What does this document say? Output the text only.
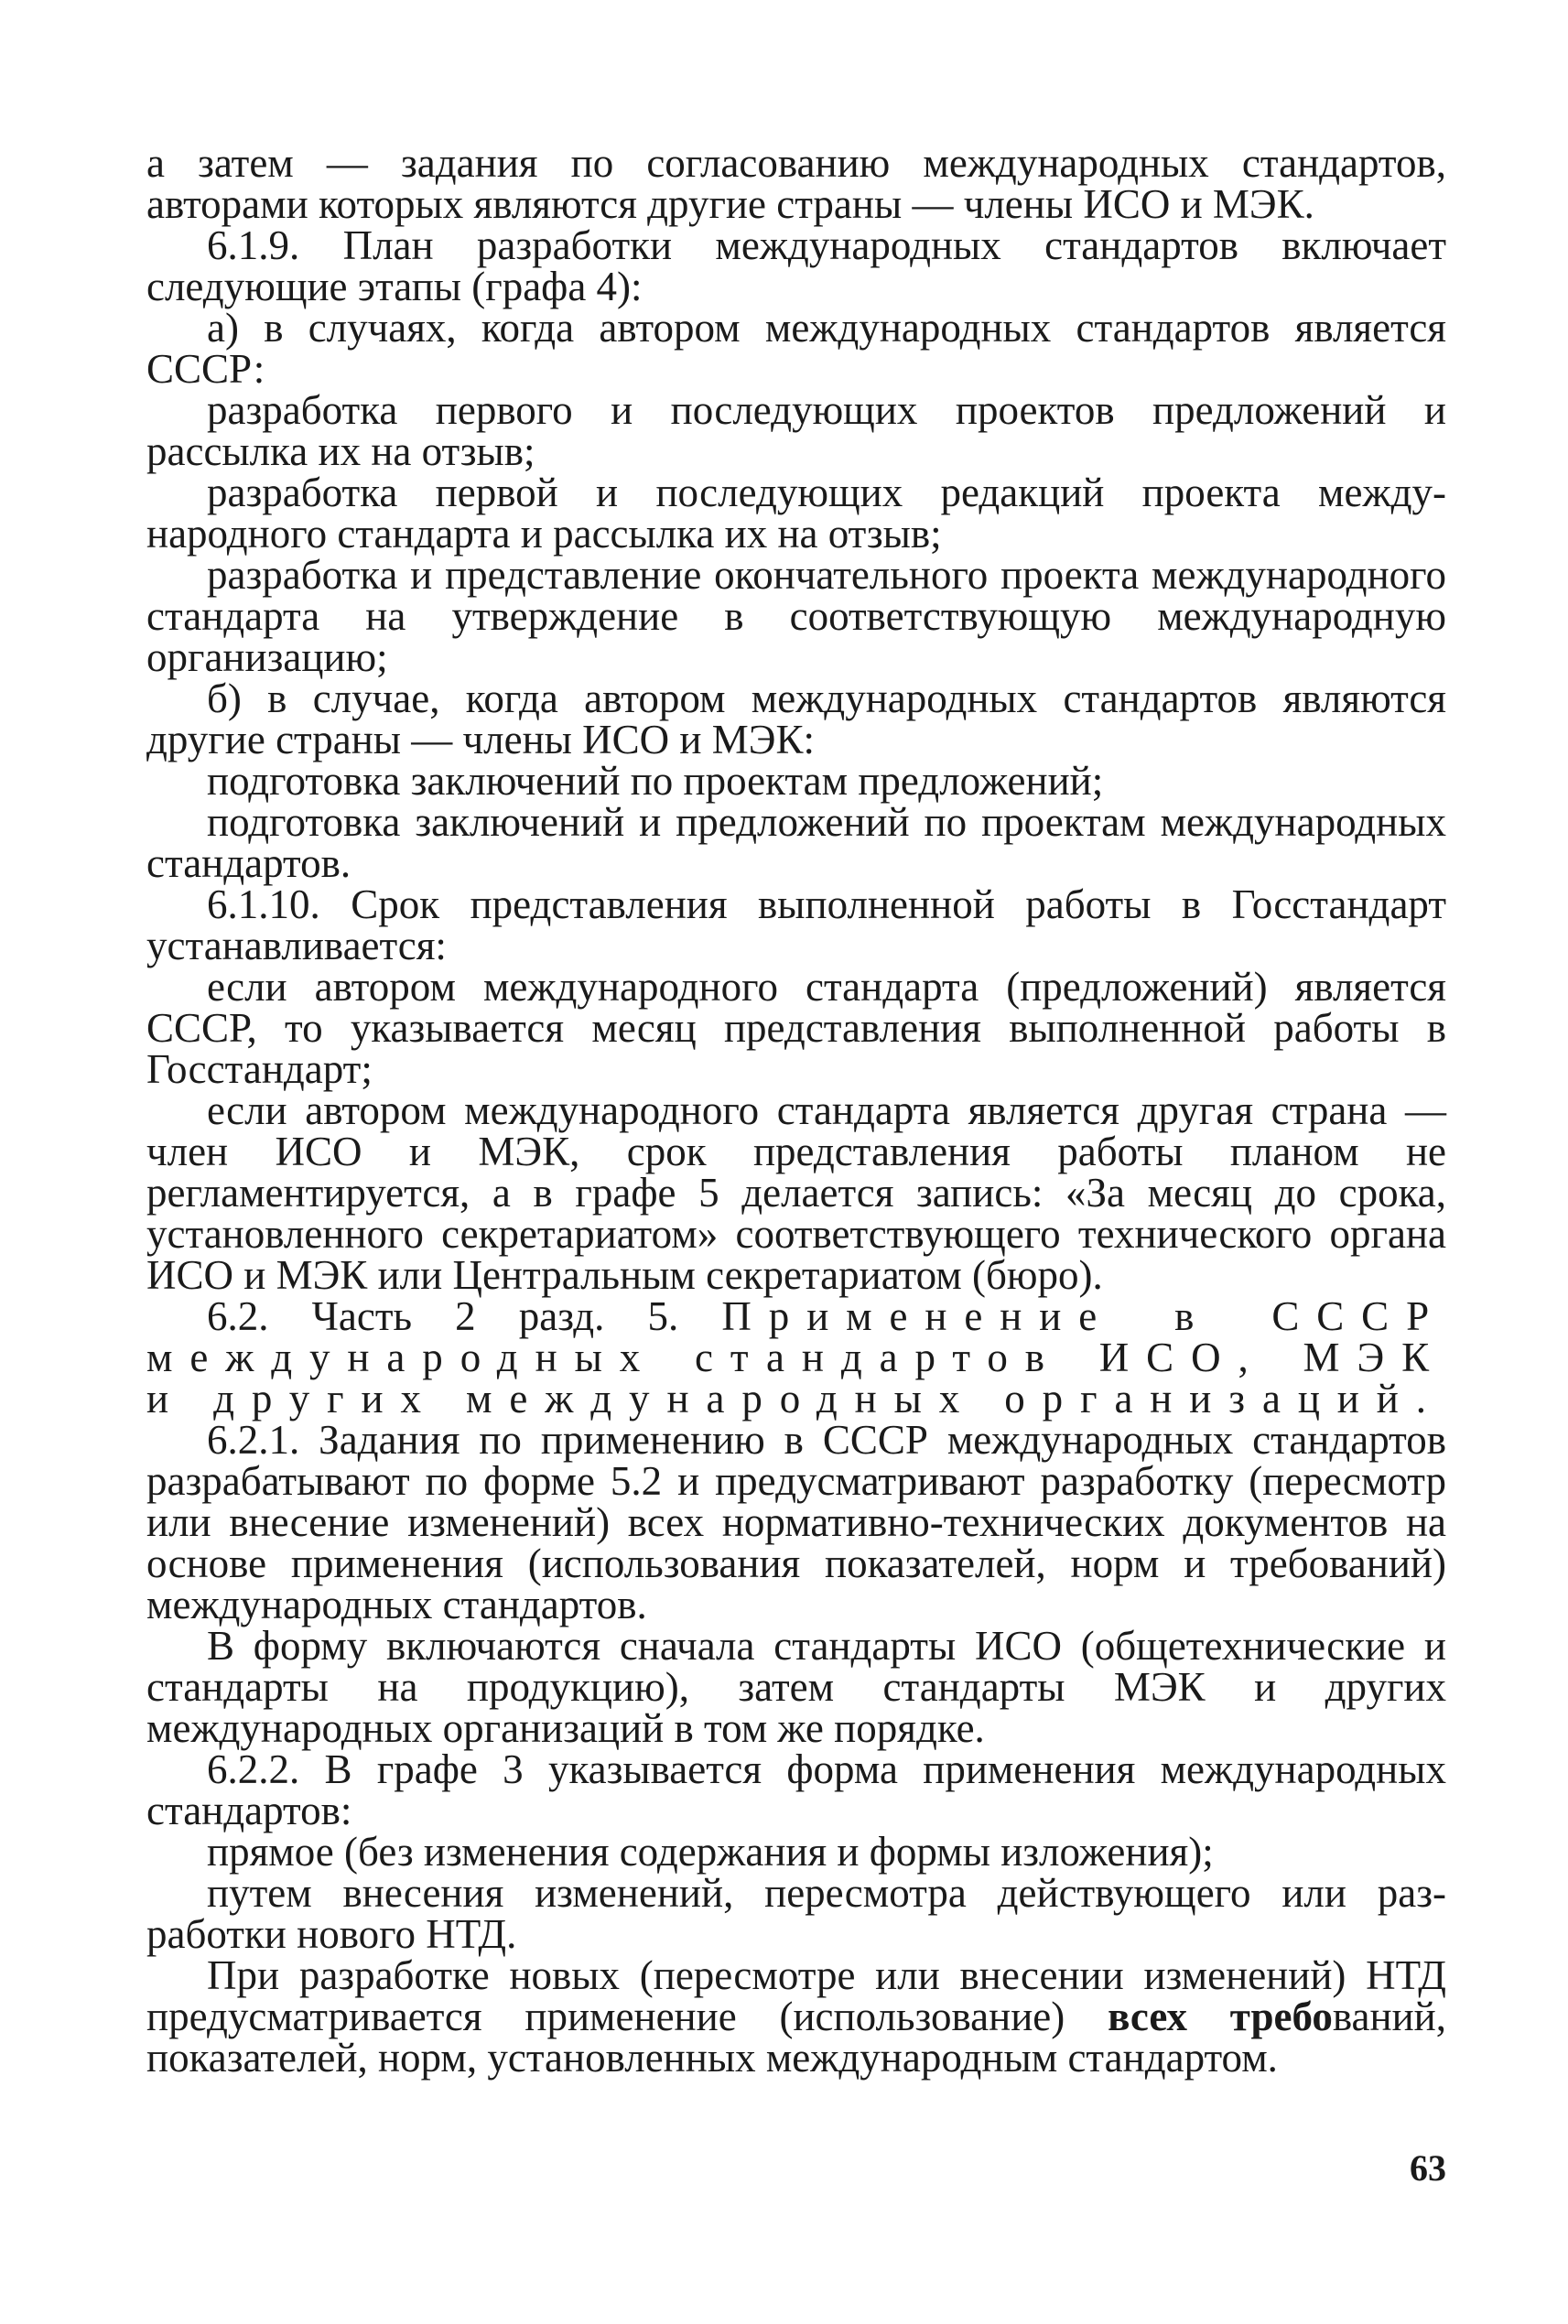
а затем — задания по согласованию международных стандартов, авторами которых являются другие страны — члены ИСО и МЭК.

6.1.9. План разработки международных стандартов включает следующие этапы (графа 4):

а) в случаях, когда автором международных стандартов является СССР:

разработка первого и последующих проектов предложений и рассылка их на отзыв;

разработка первой и последующих редакций проекта международного стандарта и рассылка их на отзыв;

разработка и представление окончательного проекта международного стандарта на утверждение в соответствующую международную организацию;

б) в случае, когда автором международных стандартов являются другие страны — члены ИСО и МЭК:

подготовка заключений по проектам предложений;

подготовка заключений и предложений по проектам международных стандартов.

6.1.10. Срок представления выполненной работы в Госстандарт устанавливается:

если автором международного стандарта (предложений) является СССР, то указывается месяц представления выполненной работы в Госстандарт;

если автором международного стандарта является другая страна — член ИСО и МЭК, срок представления работы планом не регламентируется, а в графе 5 делается запись: «За месяц до срока, установленного секретариатом» соответствующего технического органа ИСО и МЭК или Центральным секретариатом (бюро).

6.2. Часть 2 разд. 5. Применение в СССР международных стандартов ИСО, МЭК и других международных организаций.

6.2.1. Задания по применению в СССР международных стандартов разрабатывают по форме 5.2 и предусматривают разработку (пересмотр или внесение изменений) всех нормативно-технических документов на основе применения (использования показателей, норм и требований) международных стандартов.

В форму включаются сначала стандарты ИСО (общетехнические и стандарты на продукцию), затем стандарты МЭК и других международных организаций в том же порядке.

6.2.2. В графе 3 указывается форма применения международных стандартов:

прямое (без изменения содержания и формы изложения);

путем внесения изменений, пересмотра действующего или разработки нового НТД.

При разработке новых (пересмотре или внесении изменений) НТД предусматривается применение (использование) всех требований, показателей, норм, установленных международным стандартом.

63
